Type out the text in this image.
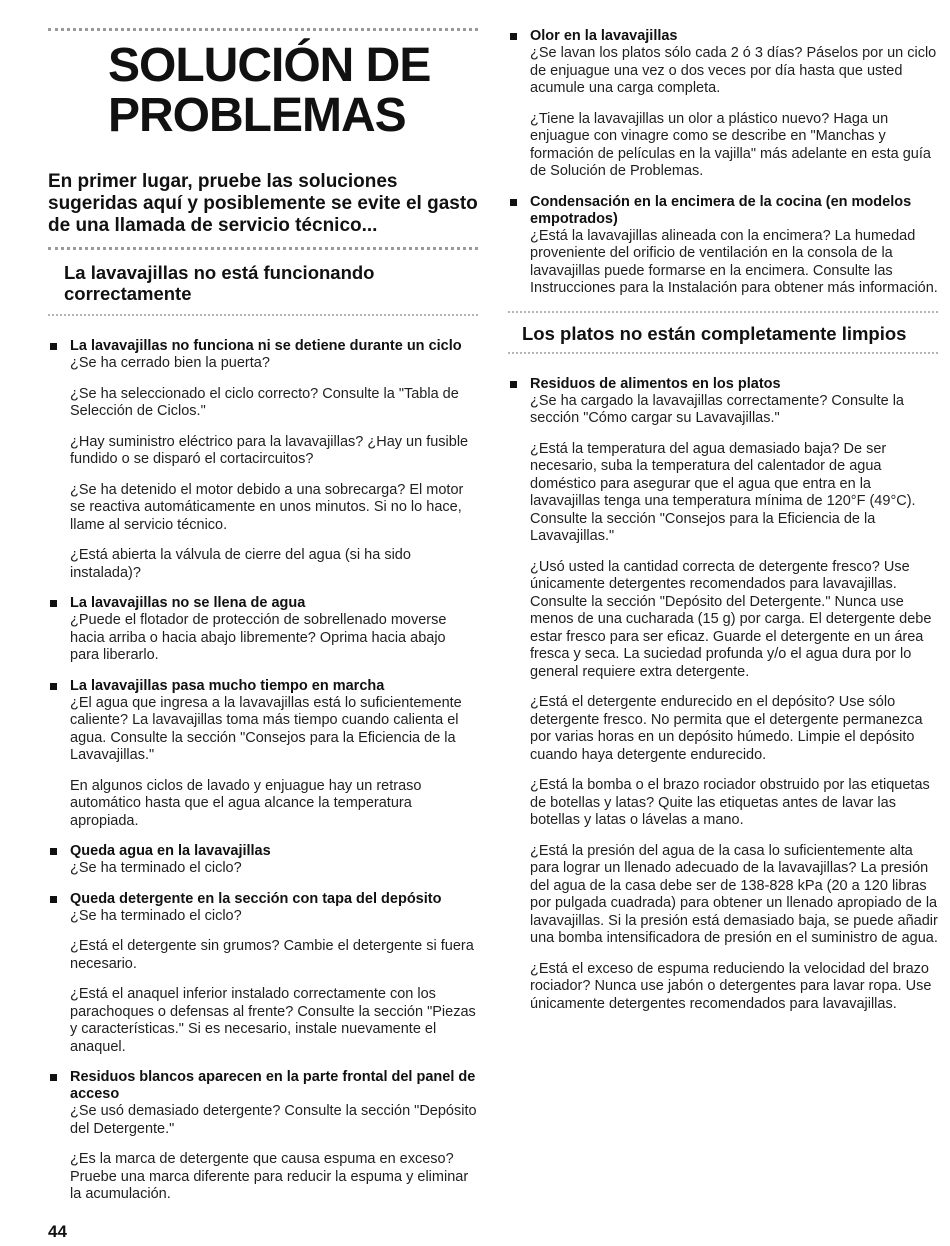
SOLUCIÓN DE
PROBLEMAS
En primer lugar, pruebe las soluciones sugeridas aquí y posiblemente se evite el gasto de una llamada de servicio técnico...
La lavavajillas no está funcionando correctamente
La lavavajillas no funciona ni se detiene durante un ciclo

¿Se ha cerrado bien la puerta?

¿Se ha seleccionado el ciclo correcto? Consulte la "Tabla de Selección de Ciclos."

¿Hay suministro eléctrico para la lavavajillas? ¿Hay un fusible fundido o se disparó el cortacircuitos?

¿Se ha detenido el motor debido a una sobrecarga? El motor se reactiva automáticamente en unos minutos. Si no lo hace, llame al servicio técnico.

¿Está abierta la válvula de cierre del agua (si ha sido instalada)?

La lavavajillas no se llena de agua

¿Puede el flotador de protección de sobrellenado moverse hacia arriba o hacia abajo libremente? Oprima hacia abajo para liberarlo.

La lavavajillas pasa mucho tiempo en marcha

¿El agua que ingresa a la lavavajillas está lo suficientemente caliente? La lavavajillas toma más tiempo cuando calienta el agua. Consulte la sección "Consejos para la Eficiencia de la Lavavajillas."

En algunos ciclos de lavado y enjuague hay un retraso automático hasta que el agua alcance la temperatura apropiada.

Queda agua en la lavavajillas

¿Se ha terminado el ciclo?

Queda detergente en la sección con tapa del depósito

¿Se ha terminado el ciclo?

¿Está el detergente sin grumos? Cambie el detergente si fuera necesario.

¿Está el anaquel inferior instalado correctamente con los parachoques o defensas al frente? Consulte la sección "Piezas y características." Si es necesario, instale nuevamente el anaquel.

Residuos blancos aparecen en la parte frontal del panel de acceso

¿Se usó demasiado detergente? Consulte la sección "Depósito del Detergente."

¿Es la marca de detergente que causa espuma en exceso? Pruebe una marca diferente para reducir la espuma y eliminar la acumulación.

Olor en la lavavajillas

¿Se lavan los platos sólo cada 2 ó 3 días? Páselos por un ciclo de enjuague una vez o dos veces por día hasta que usted acumule una carga completa.

¿Tiene la lavavajillas un olor a plástico nuevo? Haga un enjuague con vinagre como se describe en "Manchas y formación de películas en la vajilla" más adelante en esta guía de Solución de Problemas.

Condensación en la encimera de la cocina (en modelos empotrados)

¿Está la lavavajillas alineada con la encimera? La humedad proveniente del orificio de ventilación en la consola de la lavavajillas puede formarse en la encimera. Consulte las Instrucciones para la Instalación para obtener más información.

Los platos no están completamente limpios
Residuos de alimentos en los platos

¿Se ha cargado la lavavajillas correctamente? Consulte la sección "Cómo cargar su Lavavajillas."

¿Está la temperatura del agua demasiado baja? De ser necesario, suba la temperatura del calentador de agua doméstico para asegurar que el agua que entra en la lavavajillas tenga una temperatura mínima de 120°F (49°C). Consulte la sección "Consejos para la Eficiencia de la Lavavajillas."

¿Usó usted la cantidad correcta de detergente fresco? Use únicamente detergentes recomendados para lavavajillas. Consulte la sección "Depósito del Detergente." Nunca use menos de una cucharada (15 g) por carga. El detergente debe estar fresco para ser eficaz. Guarde el detergente en un área fresca y seca. La suciedad profunda y/o el agua dura por lo general requiere extra detergente.

¿Está el detergente endurecido en el depósito? Use sólo detergente fresco. No permita que el detergente permanezca por varias horas en un depósito húmedo. Limpie el depósito cuando haya detergente endurecido.

¿Está la bomba o el brazo rociador obstruido por las etiquetas de botellas y latas? Quite las etiquetas antes de lavar las botellas y latas o lávelas a mano.

¿Está la presión del agua de la casa lo suficientemente alta para lograr un llenado adecuado de la lavavajillas? La presión del agua de la casa debe ser de 138-828 kPa (20 a 120 libras por pulgada cuadrada) para obtener un llenado apropiado de la lavavajillas. Si la presión está demasiado baja, se puede añadir una bomba intensificadora de presión en el suministro de agua.

¿Está el exceso de espuma reduciendo la velocidad del brazo rociador? Nunca use jabón o detergentes para lavar ropa. Use únicamente detergentes recomendados para lavavajillas.

44
